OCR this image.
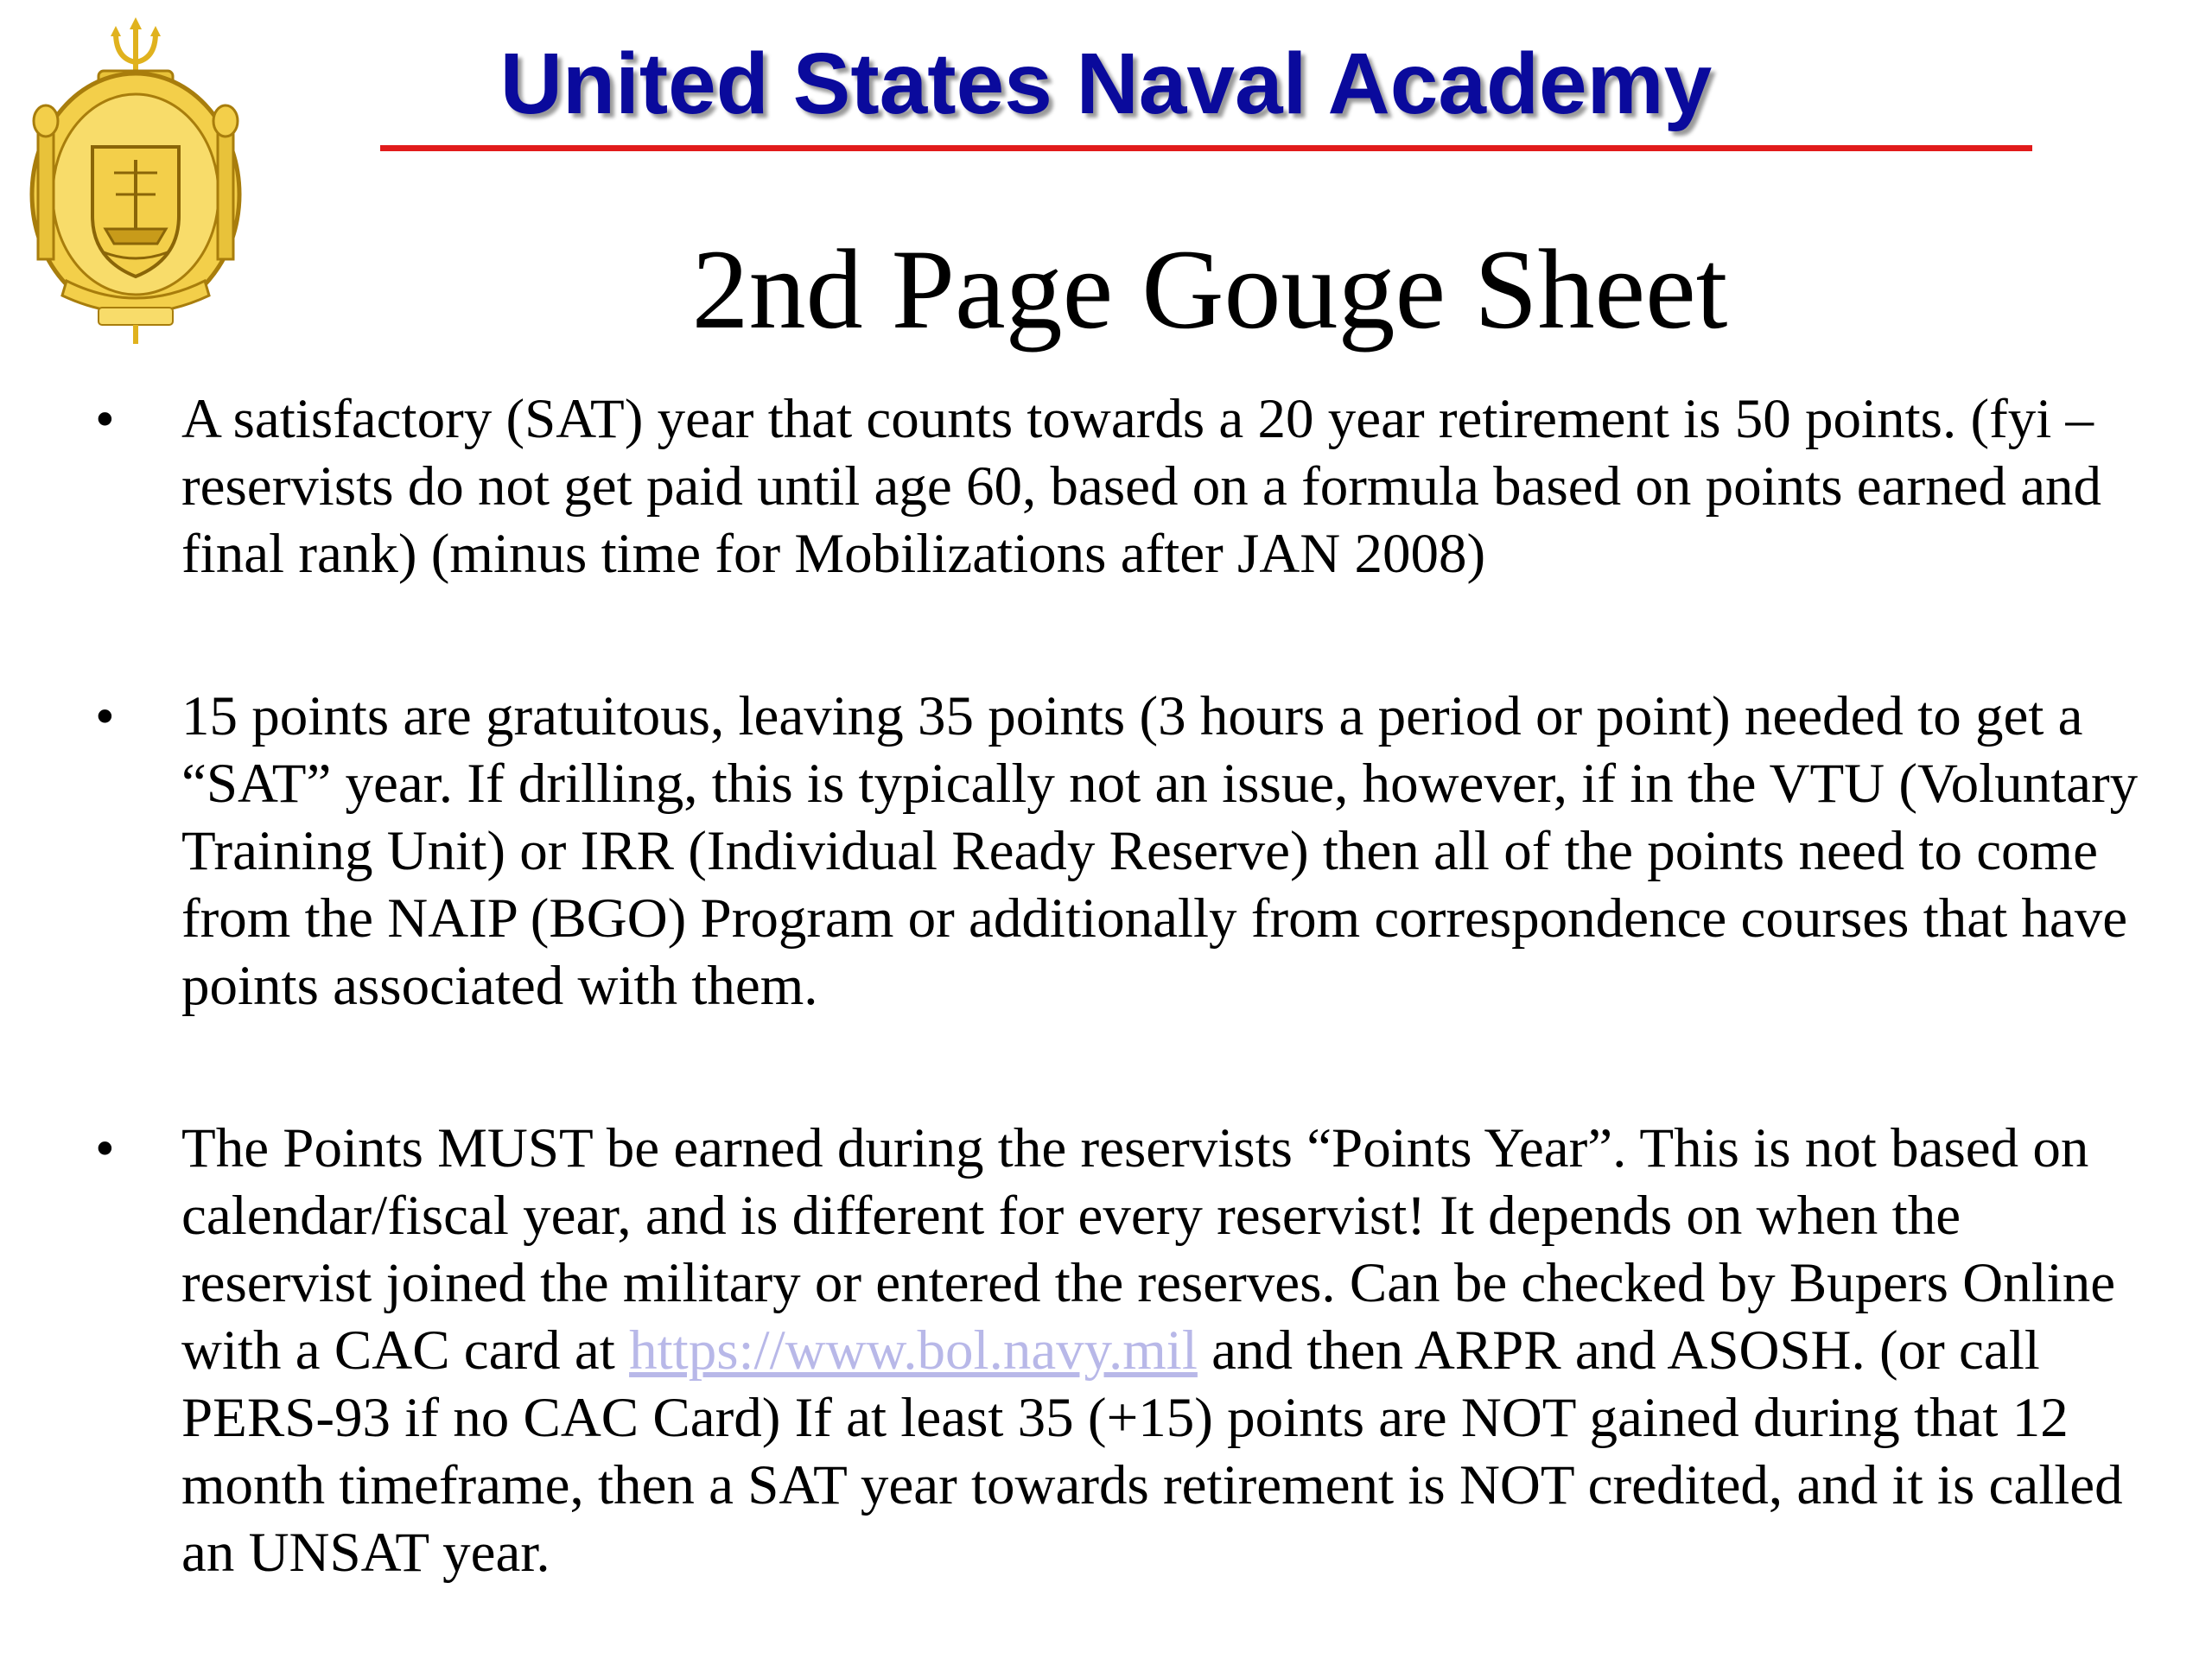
United States Naval Academy
2nd Page Gouge Sheet
• A satisfactory (SAT) year that counts towards a 20 year retirement is 50 points. (fyi – reservists do not get paid until age 60, based on a formula based on points earned and final rank) (minus time for Mobilizations after JAN 2008)
• 15 points are gratuitous, leaving 35 points (3 hours a period or point) needed to get a “SAT” year. If drilling, this is typically not an issue, however, if in the VTU (Voluntary Training Unit) or IRR (Individual Ready Reserve) then all of the points need to come from the NAIP (BGO) Program or additionally from correspondence courses that have points associated with them.
• The Points MUST be earned during the reservists “Points Year”. This is not based on calendar/fiscal year, and is different for every reservist! It depends on when the reservist joined the military or entered the reserves. Can be checked by Bupers Online with a CAC card at https://www.bol.navy.mil and then ARPR and ASOSH. (or call PERS-93 if no CAC Card) If at least 35 (+15) points are NOT gained during that 12 month timeframe, then a SAT year towards retirement is NOT credited, and it is called an UNSAT year.
